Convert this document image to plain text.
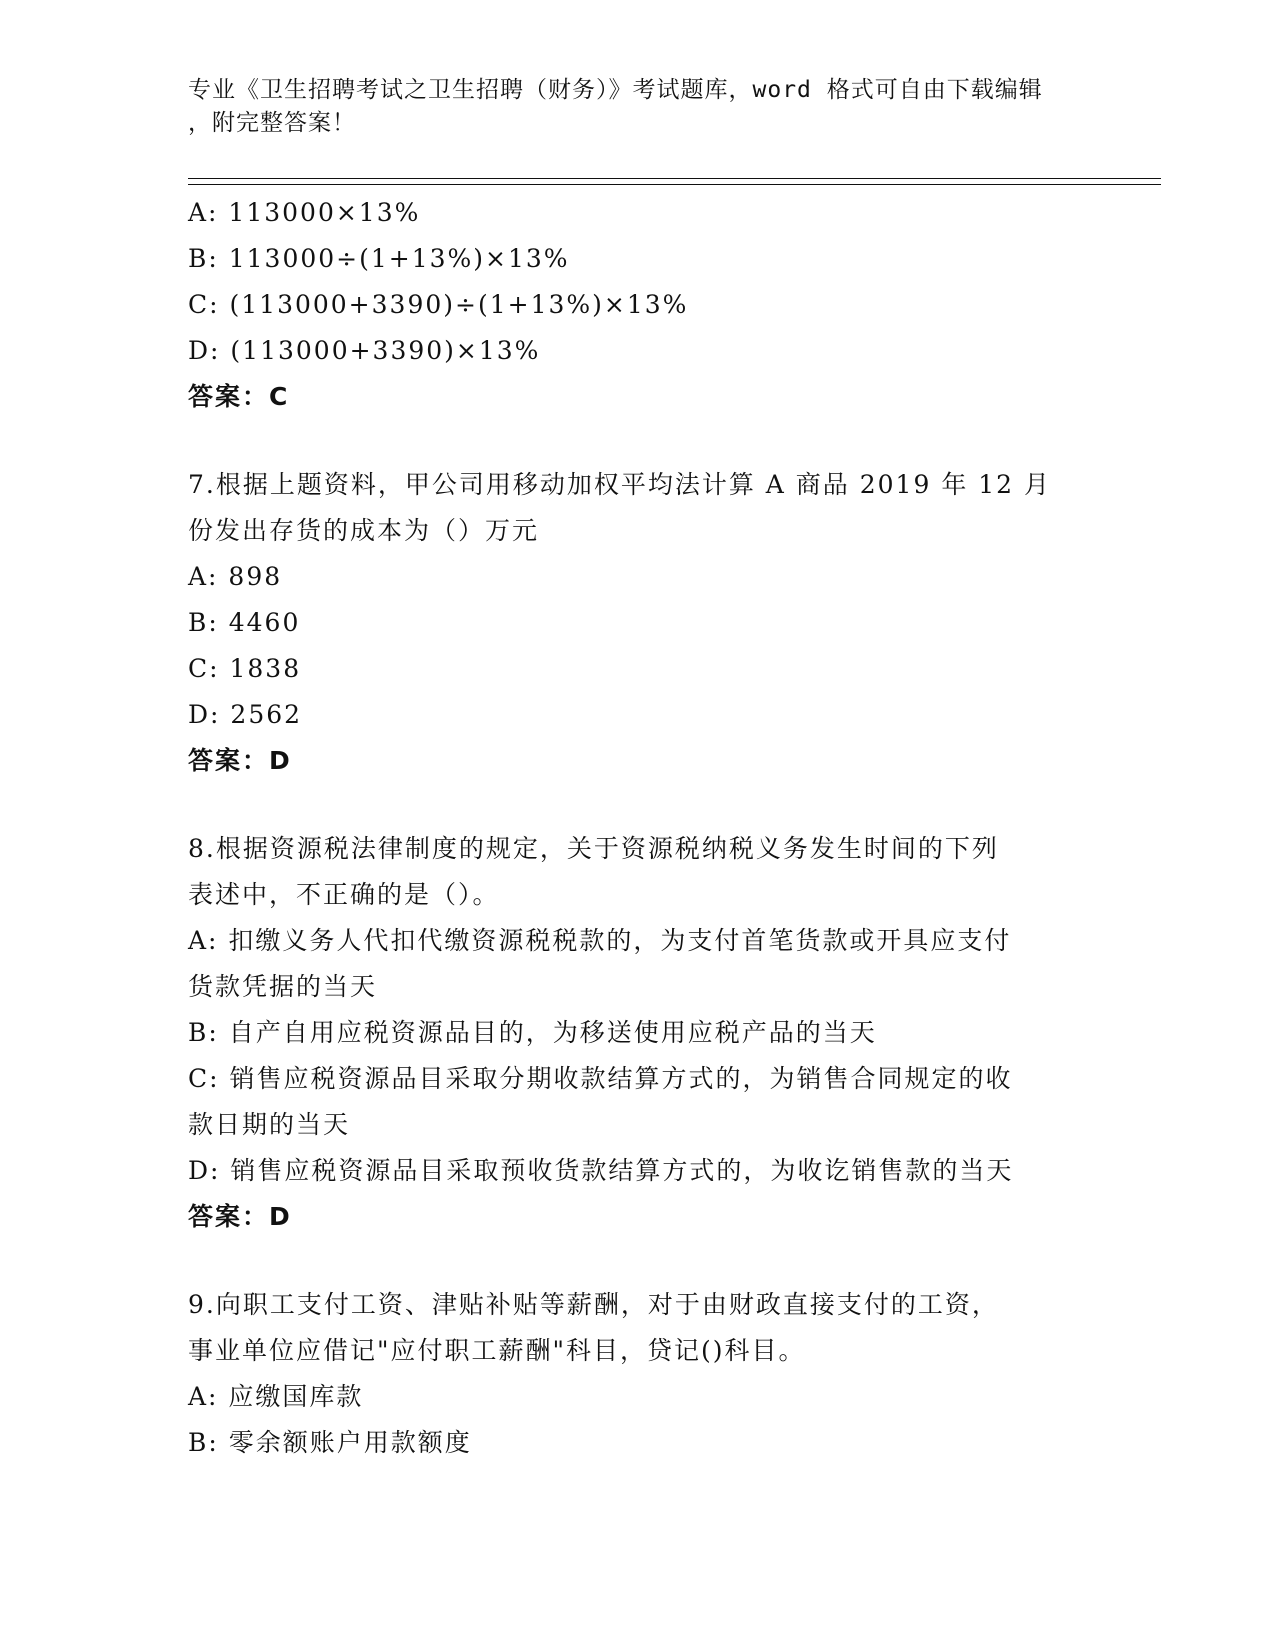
专业《卫生招聘考试之卫生招聘（财务）》考试题库，word 格式可自由下载编辑
，附完整答案！
A: 113000×13%
B: 113000÷(1+13%)×13%
C: (113000+3390)÷(1+13%)×13%
D: (113000+3390)×13%
答案：C
7.根据上题资料，甲公司用移动加权平均法计算 A 商品 2019 年 12 月
份发出存货的成本为（）万元
A: 898
B: 4460
C: 1838
D: 2562
答案：D
8.根据资源税法律制度的规定，关于资源税纳税义务发生时间的下列
表述中，不正确的是（）。
A: 扣缴义务人代扣代缴资源税税款的，为支付首笔货款或开具应支付
货款凭据的当天
B: 自产自用应税资源品目的，为移送使用应税产品的当天
C: 销售应税资源品目采取分期收款结算方式的，为销售合同规定的收
款日期的当天
D: 销售应税资源品目采取预收货款结算方式的，为收讫销售款的当天
答案：D
9.向职工支付工资、津贴补贴等薪酬，对于由财政直接支付的工资，
事业单位应借记"应付职工薪酬"科目，贷记()科目。
A: 应缴国库款
B: 零余额账户用款额度
